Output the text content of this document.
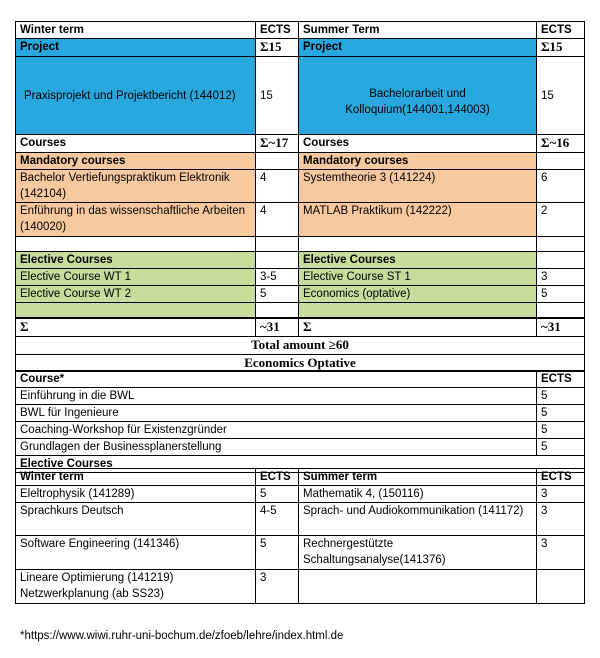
Winter term	ECTS	Summer Term	ECTS
Project	Σ15	Project	Σ15
Praxisprojekt und Projektbericht (144012)	15	Bachelorarbeit und Kolloquium(144001,144003)	15
Courses	Σ~17	Courses	Σ~16
Mandatory courses		Mandatory courses	
Bachelor Vertiefungspraktikum Elektronik (142104)	4	Systemtheorie 3 (141224)	6
Enführung in das wissenschaftliche Arbeiten (140020)	4	MATLAB Praktikum (142222)	2

Elective Courses		Elective Courses	
Elective Course WT 1	3-5	Elective Course ST 1	3
Elective Course WT 2	5	Economics (optative)	5

Σ	~31	Σ	~31
Total amount ≥60			
Economics Optative			
Course*	ECTS
Einführung in die BWL	5
BWL für Ingenieure	5
Coaching-Workshop für Existenzgründer	5
Grundlagen der Businessplanerstellung	5
Elective Courses	
Winter term	ECTS	Summer term	ECTS
Eleltrophysik (141289)	5	Mathematik 4, (150116)	3
Sprachkurs Deutsch	4-5	Sprach- und Audiokommunikation (141172)	3
Software Engineering (141346)	5	Rechnergestützte Schaltungsanalyse(141376)	3
Lineare Optimierung (141219) Netzwerkplanung (ab SS23)	3		
*https://www.wiwi.ruhr-uni-bochum.de/zfoeb/lehre/index.html.de
